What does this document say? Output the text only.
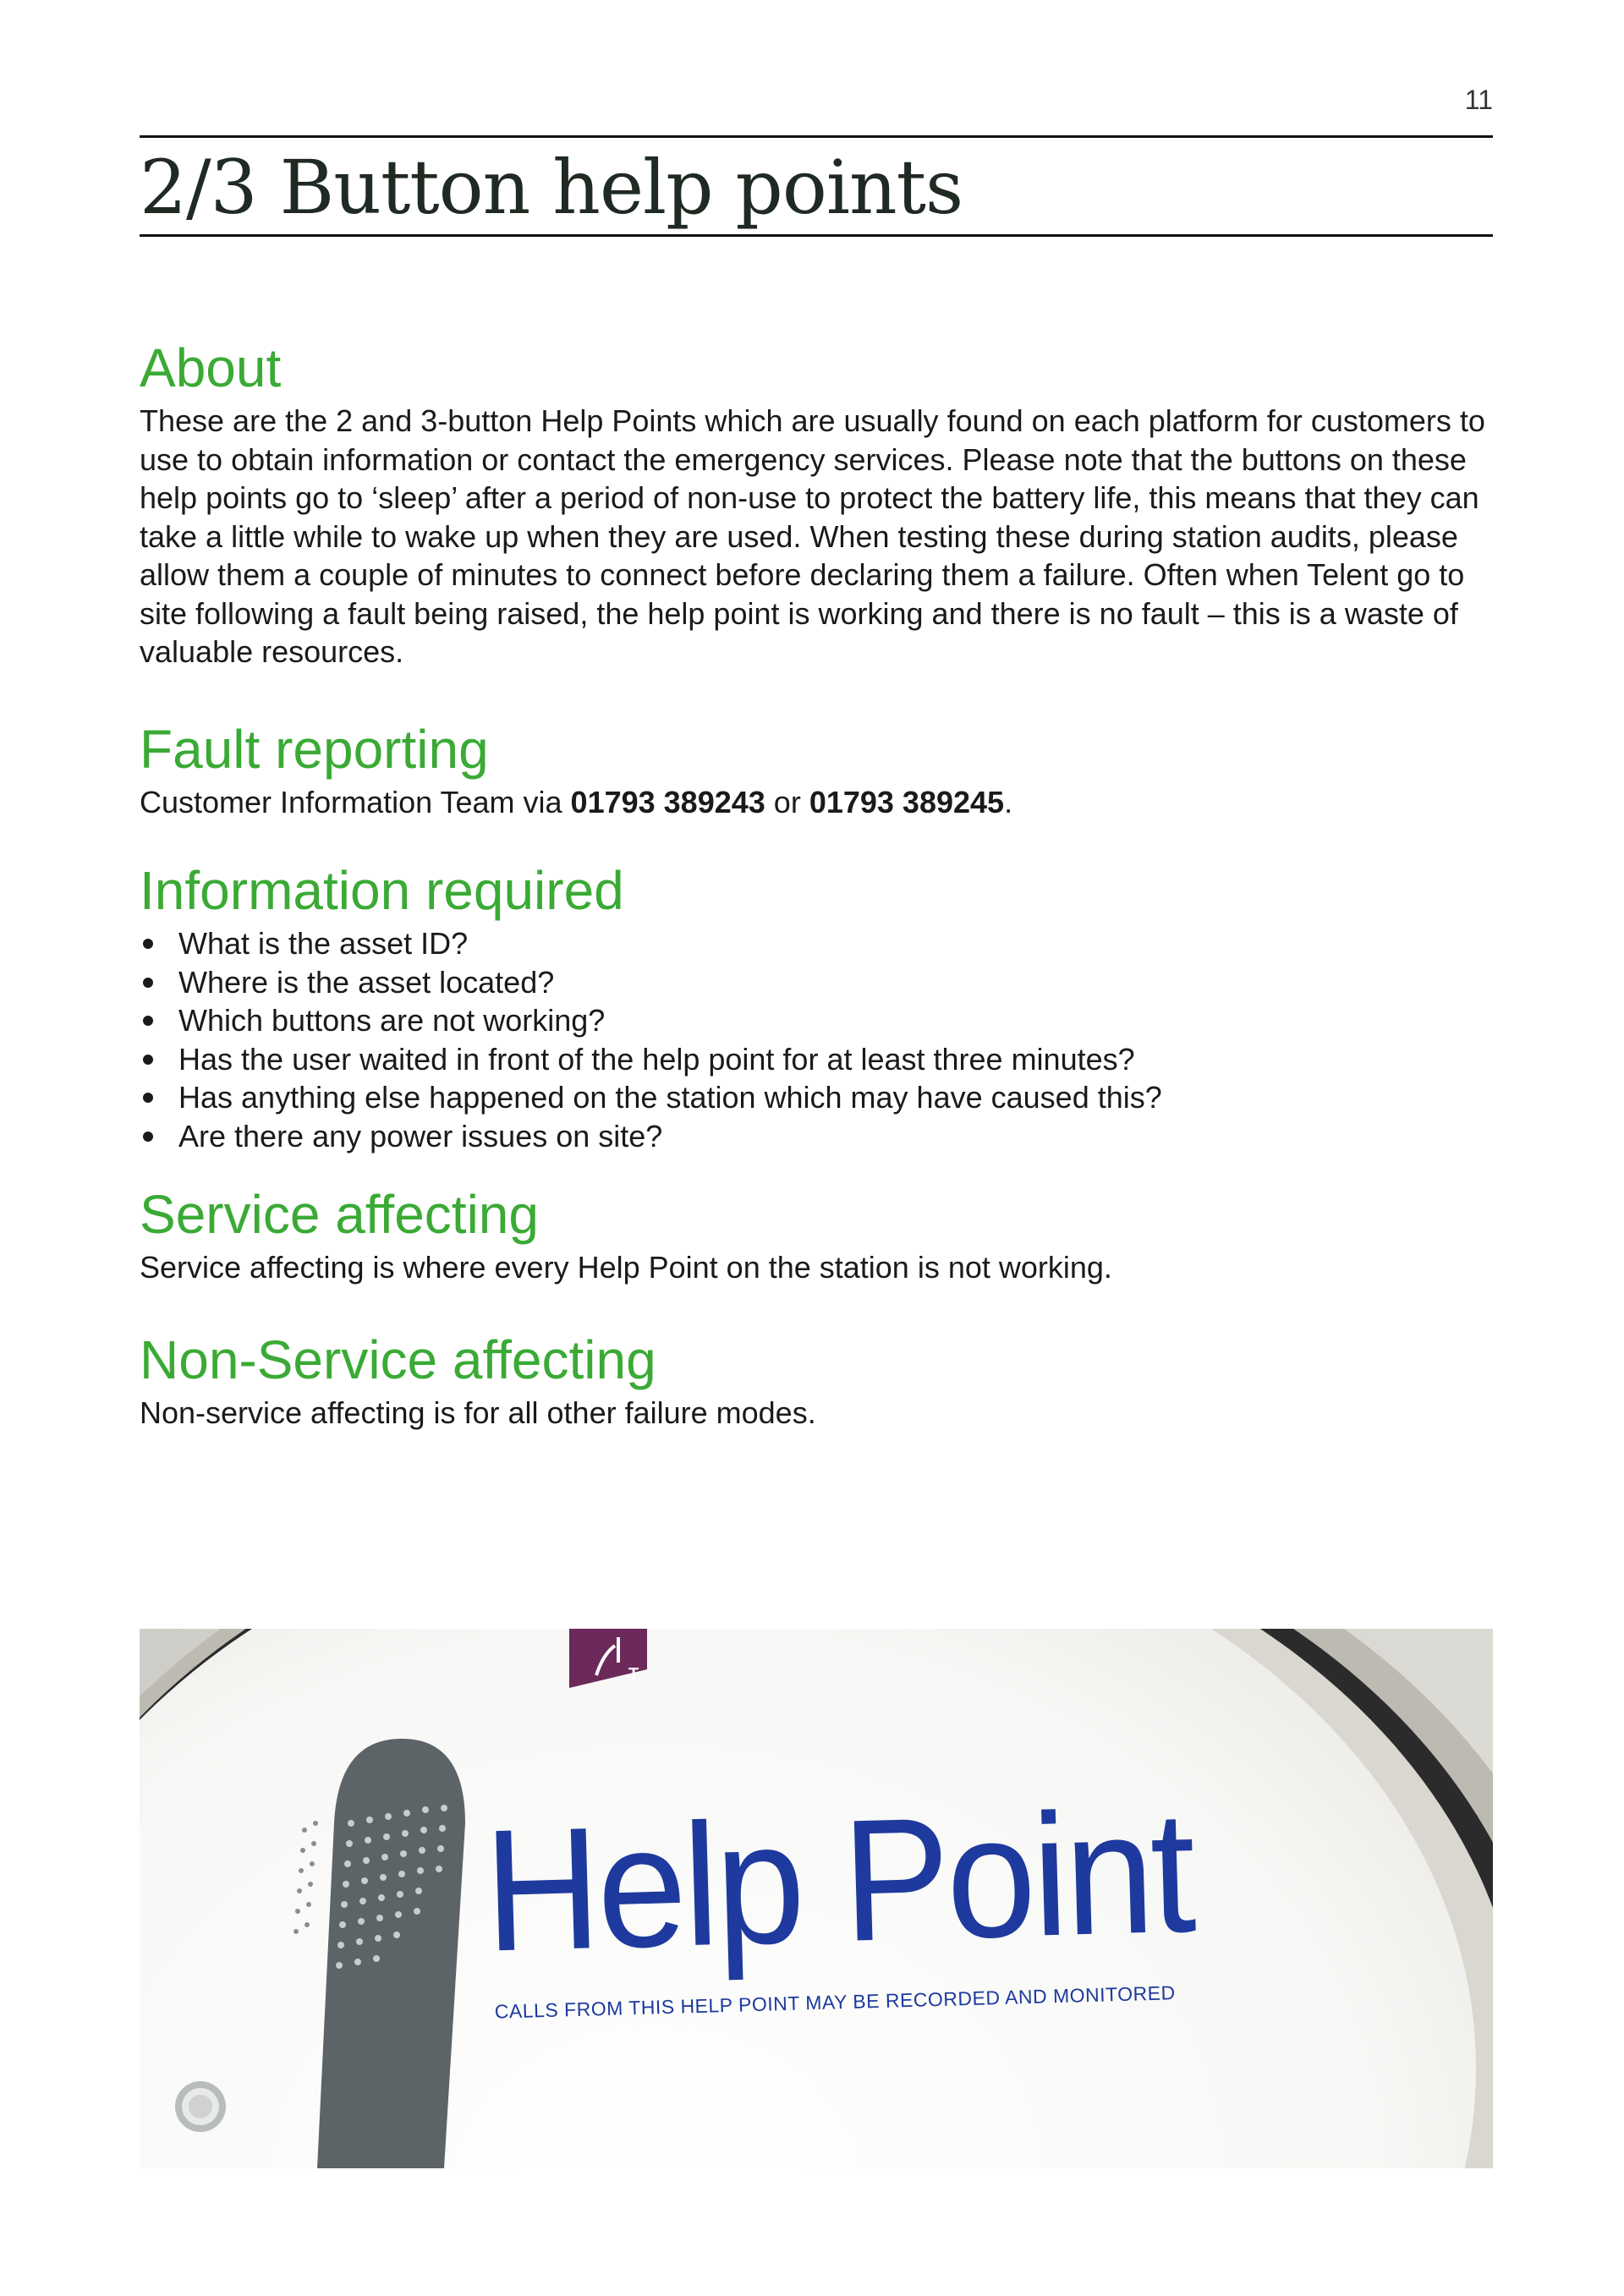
11
2/3 Button help points
About

These are the 2 and 3-button Help Points which are usually found on each platform for customers to use to obtain information or contact the emergency services. Please note that the buttons on these help points go to ‘sleep’ after a period of non-use to protect the battery life, this means that they can take a little while to wake up when they are used. When testing these during station audits, please allow them a couple of minutes to connect before declaring them a failure. Often when Telent go to site following a fault being raised, the help point is working and there is no fault – this is a waste of valuable resources.

Fault reporting

Customer Information Team via 01793 389243 or 01793 389245.

Information required
What is the asset ID?
Where is the asset located?
Which buttons are not working?
Has the user waited in front of the help point for at least three minutes?
Has anything else happened on the station which may have caused this?
Are there any power issues on site?
Service affecting

Service affecting is where every Help Point on the station is not working.

Non-Service affecting

Non-service affecting is for all other failure modes.

T
Help Point
CALLS FROM THIS HELP POINT MAY BE RECORDED AND MONITORED
